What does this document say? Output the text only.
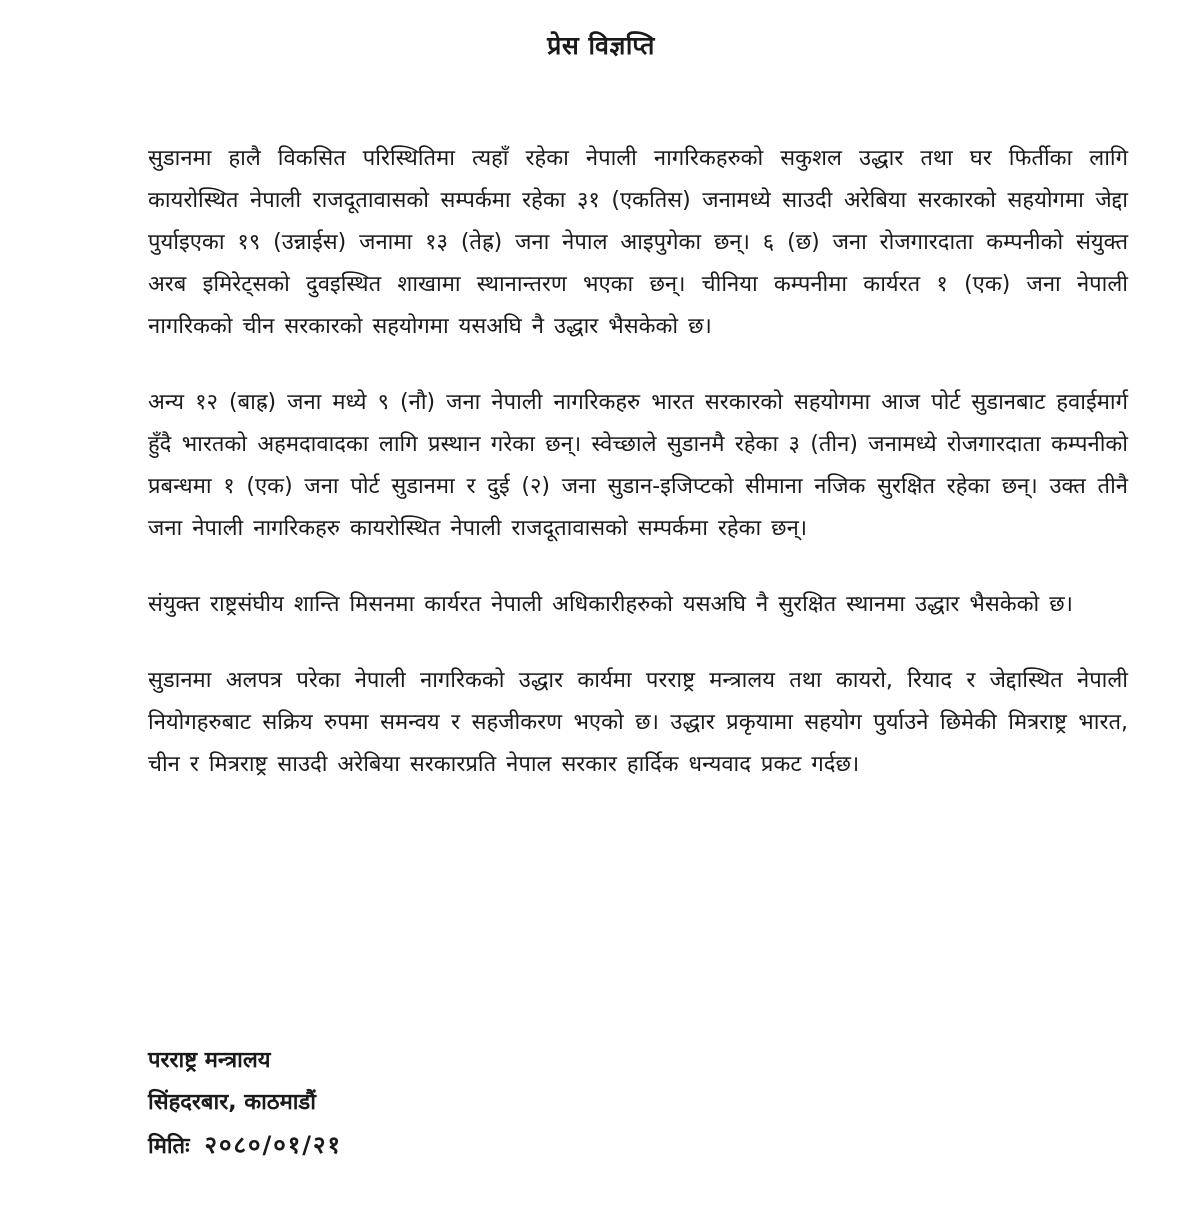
प्रेस विज्ञप्ति

सुडानमा हालै विकसित परिस्थितिमा त्यहाँ रहेका नेपाली नागरिकहरुको सकुशल उद्धार तथा घर फिर्तीका लागि कायरोस्थित नेपाली राजदूतावासको सम्पर्कमा रहेका ३१ (एकतिस) जनामध्ये साउदी अरेबिया सरकारको सहयोगमा जेद्दा पुर्याइएका १९ (उन्नाईस) जनामा १३ (तेह्र) जना नेपाल आइपुगेका छन्। ६ (छ) जना रोजगारदाता कम्पनीको संयुक्त अरब इमिरेट्सको दुवइस्थित शाखामा स्थानान्तरण भएका छन्। चीनिया कम्पनीमा कार्यरत १ (एक) जना नेपाली नागरिकको चीन सरकारको सहयोगमा यसअघि नै उद्धार भैसकेको छ।

अन्य १२ (बाह्र) जना मध्ये ९ (नौ) जना नेपाली नागरिकहरु भारत सरकारको सहयोगमा आज पोर्ट सुडानबाट हवाईमार्ग हुँदै भारतको अहमदावादका लागि प्रस्थान गरेका छन्। स्वेच्छाले सुडानमै रहेका ३ (तीन) जनामध्ये रोजगारदाता कम्पनीको प्रबन्धमा १ (एक) जना पोर्ट सुडानमा र दुई (२) जना सुडान-इजिप्टको सीमाना नजिक सुरक्षित रहेका छन्। उक्त तीनै जना नेपाली नागरिकहरु कायरोस्थित नेपाली राजदूतावासको सम्पर्कमा रहेका छन्।

संयुक्त राष्ट्रसंघीय शान्ति मिसनमा कार्यरत नेपाली अधिकारीहरुको यसअघि नै सुरक्षित स्थानमा उद्धार भैसकेको छ।

सुडानमा अलपत्र परेका नेपाली नागरिकको उद्धार कार्यमा परराष्ट्र मन्त्रालय तथा कायरो, रियाद र जेद्दास्थित नेपाली नियोगहरुबाट सक्रिय रुपमा समन्वय र सहजीकरण भएको छ। उद्धार प्रकृयामा सहयोग पुर्याउने छिमेकी मित्रराष्ट्र भारत, चीन र मित्रराष्ट्र साउदी अरेबिया सरकारप्रति नेपाल सरकार हार्दिक धन्यवाद प्रकट गर्दछ।

परराष्ट्र मन्त्रालय
सिंहदरबार, काठमाडौं
मितिः २०८०/०१/२१
